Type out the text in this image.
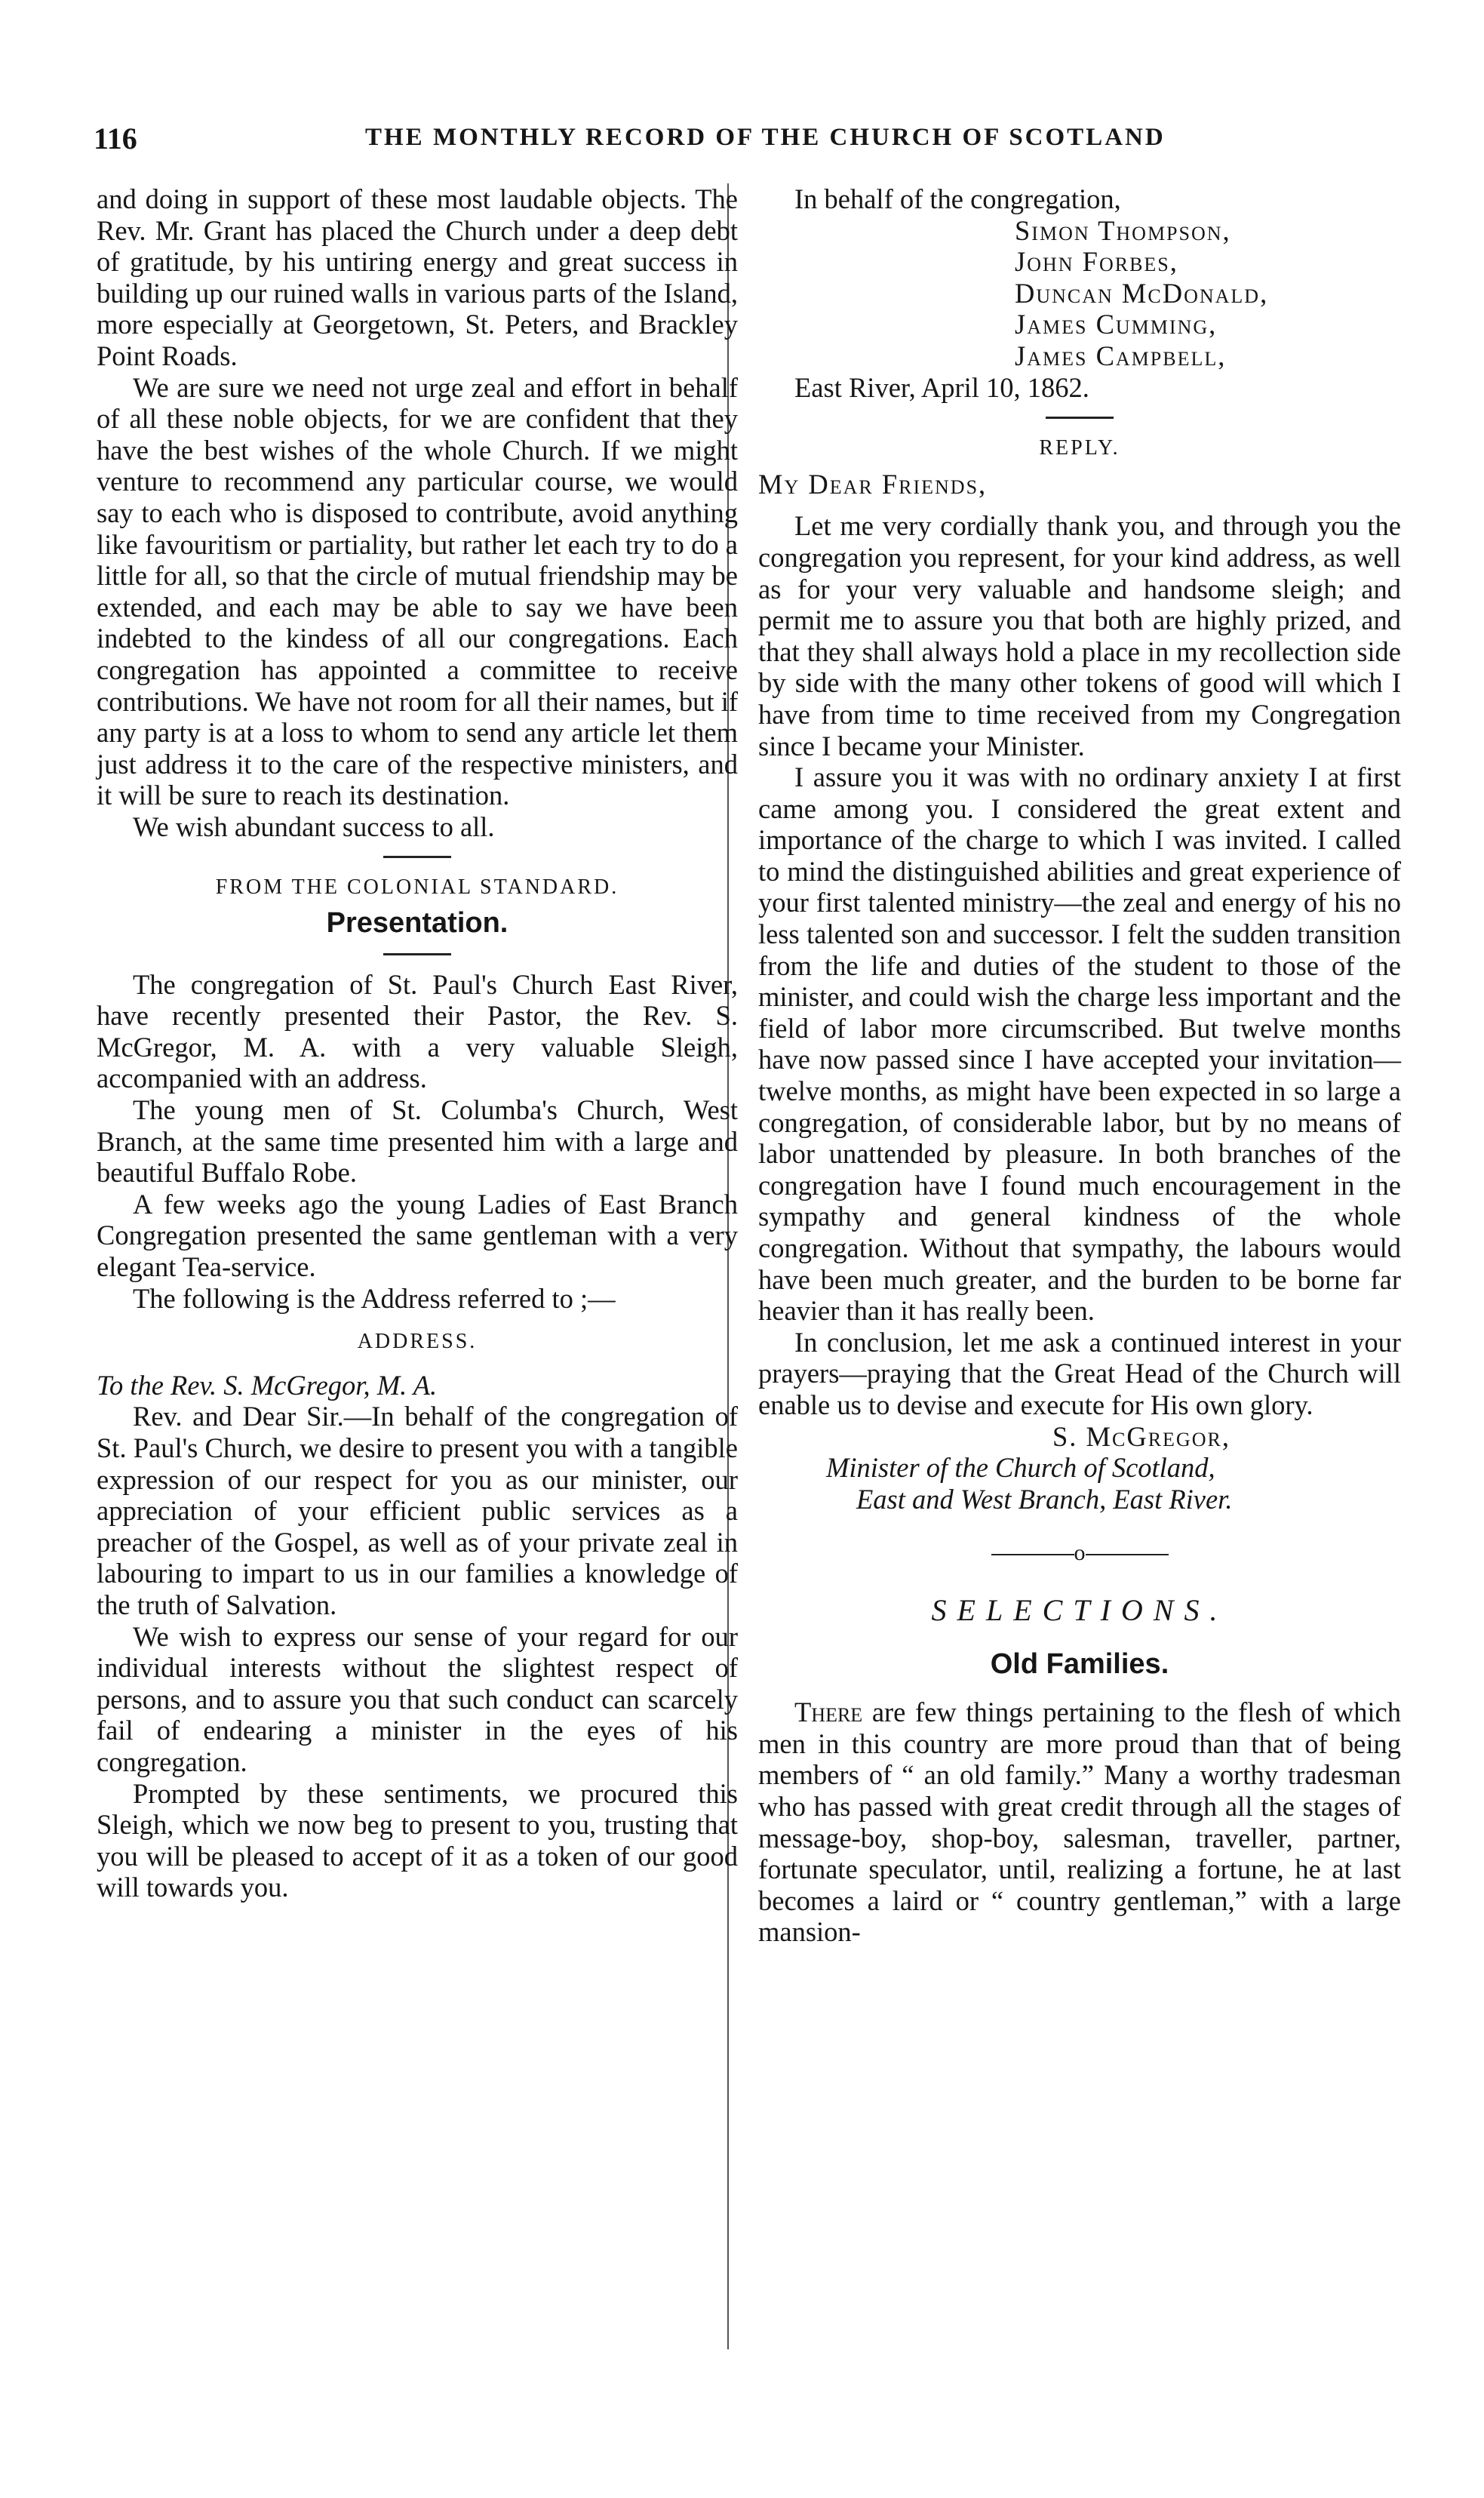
116	THE MONTHLY RECORD OF THE CHURCH OF SCOTLAND

and doing in support of these most laudable objects. The Rev. Mr. Grant has placed the Church under a deep debt of gratitude, by his untiring energy and great success in building up our ruined walls in various parts of the Island, more especially at Georgetown, St. Peters, and Brackley Point Roads.

We are sure we need not urge zeal and effort in behalf of all these noble objects, for we are confident that they have the best wishes of the whole Church. If we might venture to recommend any particular course, we would say to each who is disposed to contribute, avoid anything like favouritism or partiality, but rather let each try to do a little for all, so that the circle of mutual friendship may be extended, and each may be able to say we have been indebted to the kindess of all our congregations. Each congregation has appointed a committee to receive contributions. We have not room for all their names, but if any party is at a loss to whom to send any article let them just address it to the care of the respective ministers, and it will be sure to reach its destination.

We wish abundant success to all.

FROM THE COLONIAL STANDARD.
Presentation.

The congregation of St. Paul's Church East River, have recently presented their Pastor, the Rev. S. McGregor, M. A. with a very valuable Sleigh, accompanied with an address.

The young men of St. Columba's Church, West Branch, at the same time presented him with a large and beautiful Buffalo Robe.

A few weeks ago the young Ladies of East Branch Congregation presented the same gentleman with a very elegant Tea-service.

The following is the Address referred to ;—

ADDRESS.

To the Rev. S. McGregor, M. A.

Rev. and Dear Sir.—In behalf of the congregation of St. Paul's Church, we desire to present you with a tangible expression of our respect for you as our minister, our appreciation of your efficient public services as a preacher of the Gospel, as well as of your private zeal in labouring to impart to us in our families a knowledge of the truth of Salvation.

We wish to express our sense of your regard for our individual interests without the slightest respect of persons, and to assure you that such conduct can scarcely fail of endearing a minister in the eyes of his congregation.

Prompted by these sentiments, we procured this Sleigh, which we now beg to present to you, trusting that you will be pleased to accept of it as a token of our good will towards you.

In behalf of the congregation,

Simon Thompson,
John Forbes,
Duncan McDonald,
James Cumming,
James Campbell,

East River, April 10, 1862.

REPLY.

My Dear Friends,

Let me very cordially thank you, and through you the congregation you represent, for your kind address, as well as for your very valuable and handsome sleigh; and permit me to assure you that both are highly prized, and that they shall always hold a place in my recollection side by side with the many other tokens of good will which I have from time to time received from my Congregation since I became your Minister.

I assure you it was with no ordinary anxiety I at first came among you. I considered the great extent and importance of the charge to which I was invited. I called to mind the distinguished abilities and great experience of your first talented ministry—the zeal and energy of his no less talented son and successor. I felt the sudden transition from the life and duties of the student to those of the minister, and could wish the charge less important and the field of labor more circumscribed. But twelve months have now passed since I have accepted your invitation—twelve months, as might have been expected in so large a congregation, of considerable labor, but by no means of labor unattended by pleasure. In both branches of the congregation have I found much encouragement in the sympathy and general kindness of the whole congregation. Without that sympathy, the labours would have been much greater, and the burden to be borne far heavier than it has really been.

In conclusion, let me ask a continued interest in your prayers—praying that the Great Head of the Church will enable us to devise and execute for His own glory.

S. McGregor,
Minister of the Church of Scotland,
East and West Branch, East River.
o
SELECTIONS.
Old Families.

There are few things pertaining to the flesh of which men in this country are more proud than that of being members of “ an old family.” Many a worthy tradesman who has passed with great credit through all the stages of message-boy, shop-boy, salesman, traveller, partner, fortunate speculator, until, realizing a fortune, he at last becomes a laird or “ country gentleman,” with a large mansion-
